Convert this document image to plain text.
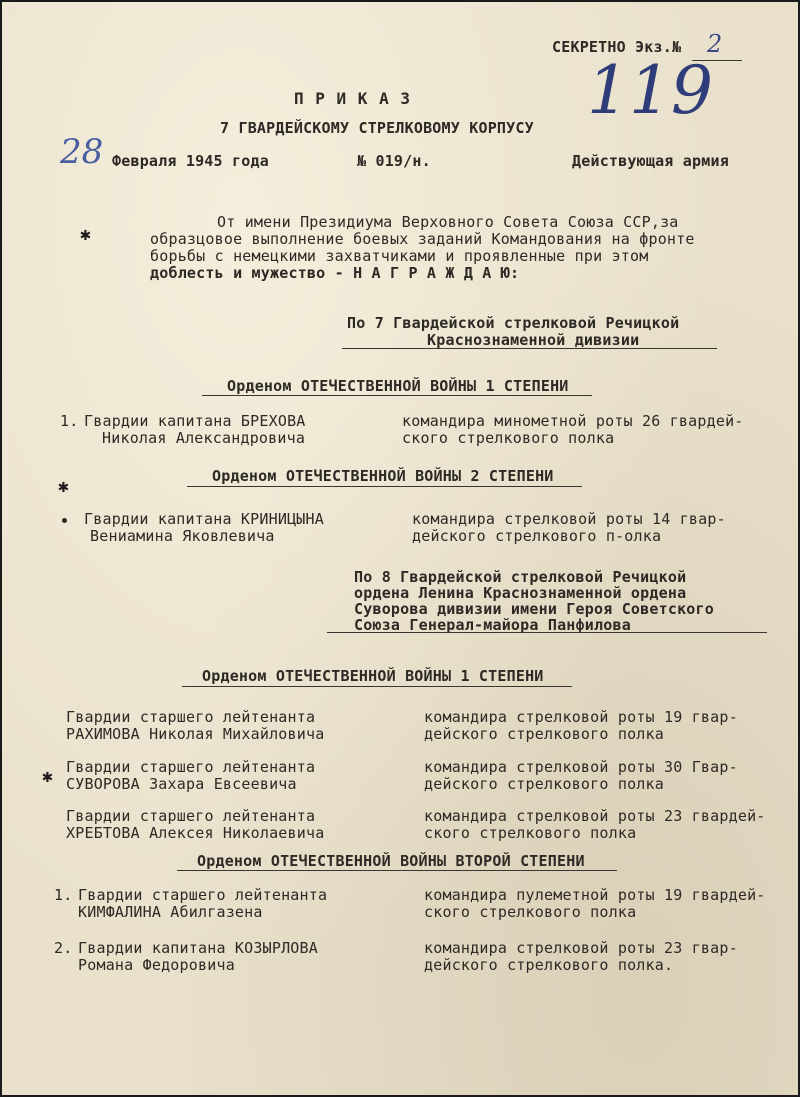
СЕКРЕТНО Экз.№ 2
119
П Р И К А З
7 ГВАРДЕЙСКОМУ СТРЕЛКОВОМУ КОРПУСУ
28 Февраля 1945 года	№ 019/н.	Действующая армия
От имени Президиума Верховного Совета Союза ССР,за
образцовое выполнение боевых заданий Командования на фронте
борьбы с немецкими захватчиками и проявленные при этом
доблесть и мужество - Н А Г Р А Ж Д А Ю:
По 7 Гвардейской стрелковой Речицкой
Краснознаменной дивизии
Орденом ОТЕЧЕСТВЕННОЙ ВОЙНЫ 1 СТЕПЕНИ
1. Гвардии капитана БРЕХОВА
Николая Александровича
командира минометной роты 26 гвардей-
ского стрелкового полка
Орденом ОТЕЧЕСТВЕННОЙ ВОЙНЫ 2 СТЕПЕНИ
Гвардии капитана КРИНИЦЫНА
Вениамина Яковлевича
командира стрелковой роты 14 гвар-
дейского стрелкового п-олка
По 8 Гвардейской стрелковой Речицкой
ордена Ленина Краснознаменной ордена
Суворова дивизии имени Героя Советского
Союза Генерал-майора Панфилова
Орденом ОТЕЧЕСТВЕННОЙ ВОЙНЫ 1 СТЕПЕНИ
Гвардии старшего лейтенанта
РАХИМОВА Николая Михайловича
командира стрелковой роты 19 гвар-
дейского стрелкового полка
Гвардии старшего лейтенанта
СУВОРОВА Захара Евсеевича
командира стрелковой роты 30 Гвар-
дейского стрелкового полка
Гвардии старшего лейтенанта
ХРЕБТОВА Алексея Николаевича
командира стрелковой роты 23 гвардей-
ского стрелкового полка
Орденом ОТЕЧЕСТВЕННОЙ ВОЙНЫ ВТОРОЙ СТЕПЕНИ
1. Гвардии старшего лейтенанта
КИМФАЛИНА Абилгазена
командира пулеметной роты 19 гвардей-
ского стрелкового полка
2. Гвардии капитана КОЗЫРЛОВА
Романа Федоровича
командира стрелковой роты 23 гвар-
дейского стрелкового полка.
✱
✱
✱
